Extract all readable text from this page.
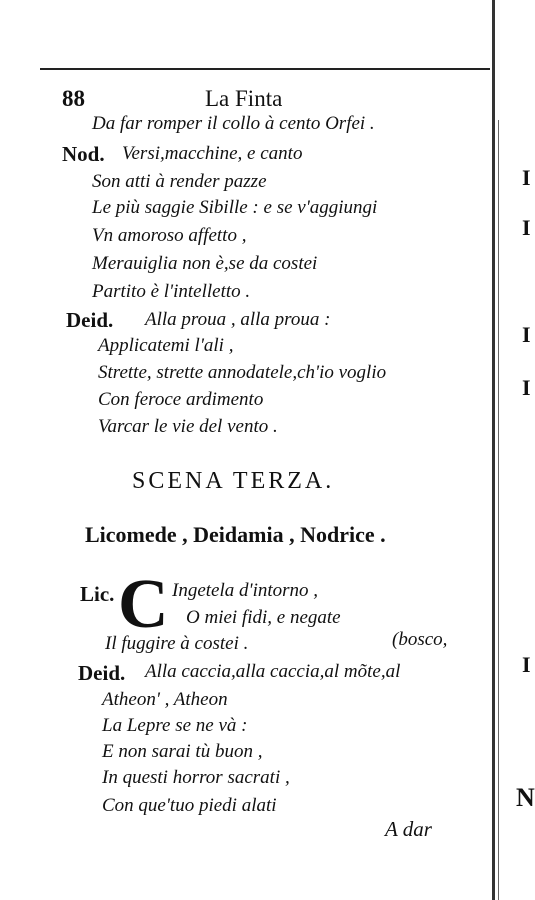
88	La Finta
Da far romper il collo à cento Orfei .
Nod. Versi,macchine, e canto
Son atti à render pazze
Le più saggie Sibille : e se v'aggiungi
Vn amoroso affetto ,
Merauiglia non è,se da costei
Partito è l'intelletto .
Deid. Alla proua , alla proua :
Applicatemi l'ali ,
Strette, strette annodatele,ch'io voglio
Con feroce ardimento
Varcar le vie del vento .
SCENA TERZA.
Licomede , Deidamia , Nodrice .
Lic. C Ingetela d'intorno ,
O miei fidi, e negate
Il fuggire à costei .	(bosco,
Deid. Alla caccia,alla caccia,al mõte,al
Atheon' , Atheon
La Lepre se ne và :
E non sarai tù buon ,
In questi horror sacrati ,
Con que'tuo piedi alati
A dar
I
I
I
I
I
N
